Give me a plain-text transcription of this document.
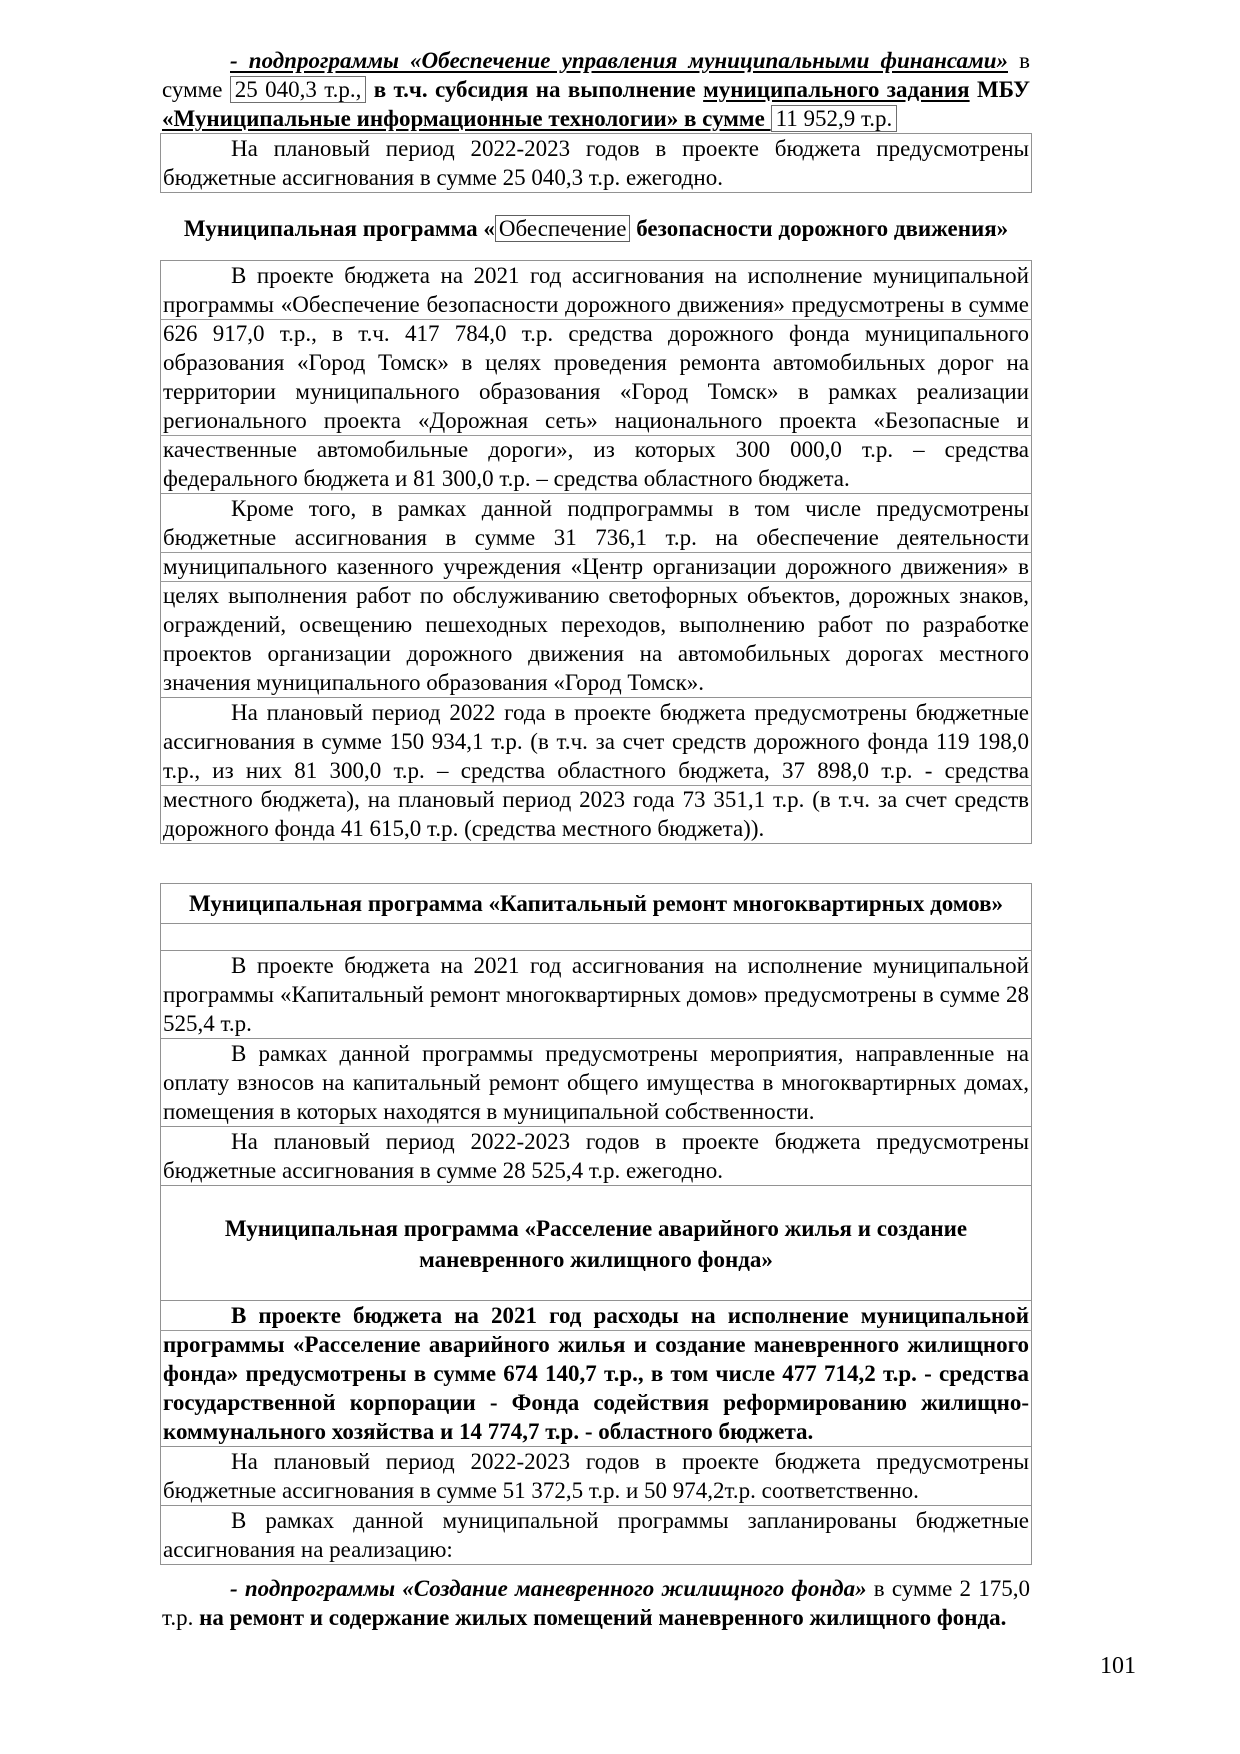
- подпрограммы «Обеспечение управления муниципальными финансами» в сумме 25 040,3 т.р., в т.ч. субсидия на выполнение муниципального задания МБУ «Муниципальные информационные технологии» в сумме 11 952,9 т.р.

На плановый период 2022-2023 годов в проекте бюджета предусмотрены бюджетные ассигнования в сумме 25 040,3 т.р. ежегодно.

Муниципальная программа « Обеспечение безопасности дорожного движения»

В проекте бюджета на 2021 год ассигнования на исполнение муниципальной программы «Обеспечение безопасности дорожного движения» предусмотрены в сумме 626 917,0 т.р., в т.ч. 417 784,0 т.р. средства дорожного фонда муниципального образования «Город Томск» в целях проведения ремонта автомобильных дорог на территории муниципального образования «Город Томск» в рамках реализации регионального проекта «Дорожная сеть» национального проекта «Безопасные и качественные автомобильные дороги», из которых 300 000,0 т.р. – средства федерального бюджета и 81 300,0 т.р. – средства областного бюджета.

Кроме того, в рамках данной подпрограммы в том числе предусмотрены бюджетные ассигнования в сумме 31 736,1 т.р. на обеспечение деятельности муниципального казенного учреждения «Центр организации дорожного движения» в целях выполнения работ по обслуживанию светофорных объектов, дорожных знаков, ограждений, освещению пешеходных переходов, выполнению работ по разработке проектов организации дорожного движения на автомобильных дорогах местного значения муниципального образования «Город Томск».

На плановый период 2022 года в проекте бюджета предусмотрены бюджетные ассигнования в сумме 150 934,1 т.р. (в т.ч. за счет средств дорожного фонда 119 198,0 т.р., из них 81 300,0 т.р. – средства областного бюджета, 37 898,0 т.р. - средства местного бюджета), на плановый период 2023 года 73 351,1 т.р. (в т.ч. за счет средств дорожного фонда 41 615,0 т.р. (средства местного бюджета)).

Муниципальная программа «Капитальный ремонт многоквартирных домов»

В проекте бюджета на 2021 год ассигнования на исполнение муниципальной программы «Капитальный ремонт многоквартирных домов» предусмотрены в сумме 28 525,4 т.р.

В рамках данной программы предусмотрены мероприятия, направленные на оплату взносов на капитальный ремонт общего имущества в многоквартирных домах, помещения в которых находятся в муниципальной собственности.

На плановый период 2022-2023 годов в проекте бюджета предусмотрены бюджетные ассигнования в сумме 28 525,4 т.р. ежегодно.

Муниципальная программа «Расселение аварийного жилья и создание
маневренного жилищного фонда»

В проекте бюджета на 2021 год расходы на исполнение муниципальной программы «Расселение аварийного жилья и создание маневренного жилищного фонда» предусмотрены в сумме 674 140,7 т.р., в том числе 477 714,2 т.р. - средства государственной корпорации - Фонда содействия реформированию жилищно-коммунального хозяйства и 14 774,7 т.р. - областного бюджета.

На плановый период 2022-2023 годов в проекте бюджета предусмотрены бюджетные ассигнования в сумме 51 372,5 т.р. и 50 974,2т.р. соответственно.

В рамках данной муниципальной программы запланированы бюджетные ассигнования на реализацию:

- подпрограммы «Создание маневренного жилищного фонда» в сумме 2 175,0 т.р. на ремонт и содержание жилых помещений маневренного жилищного фонда.

101
